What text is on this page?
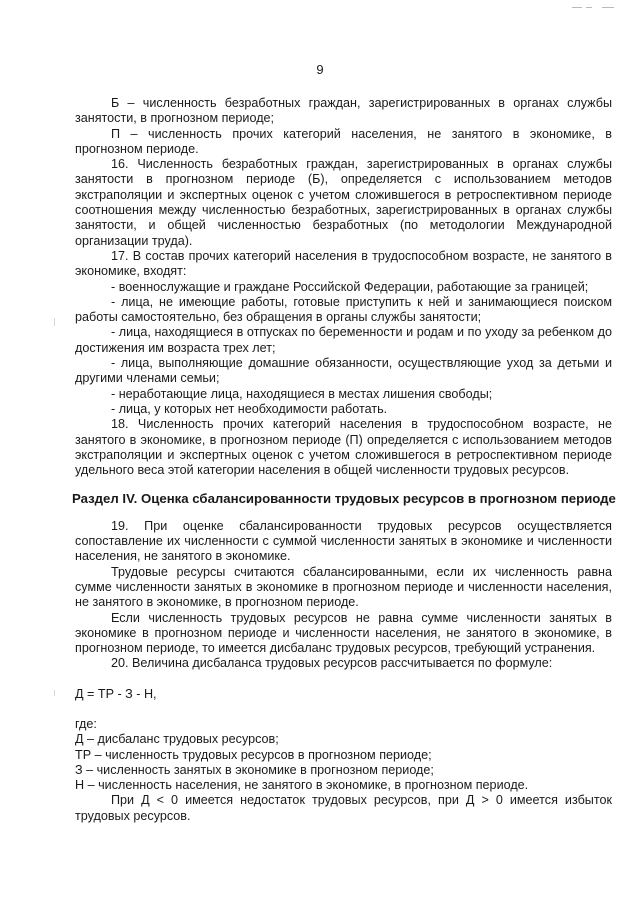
9

Б – численность безработных граждан, зарегистрированных в органах службы занятости, в прогнозном периоде;

П – численность прочих категорий населения, не занятого в экономике, в прогнозном периоде.

16. Численность безработных граждан, зарегистрированных в органах службы занятости в прогнозном периоде (Б), определяется с использованием методов экстраполяции и экспертных оценок с учетом сложившегося в ретроспективном периоде соотношения между численностью безработных, зарегистрированных в органах службы занятости, и общей численностью безработных (по методологии Международной организации труда).

17. В состав прочих категорий населения в трудоспособном возрасте, не занятого в экономике, входят:

- военнослужащие и граждане Российской Федерации, работающие за границей;

- лица, не имеющие работы, готовые приступить к ней и занимающиеся поиском работы самостоятельно, без обращения в органы службы занятости;

- лица, находящиеся в отпусках по беременности и родам и по уходу за ребенком до достижения им возраста трех лет;

- лица, выполняющие домашние обязанности, осуществляющие уход за детьми и другими членами семьи;

- неработающие лица, находящиеся в местах лишения свободы;

- лица, у которых нет необходимости работать.

18. Численность прочих категорий населения в трудоспособном возрасте, не занятого в экономике, в прогнозном периоде (П) определяется с использованием методов экстраполяции и экспертных оценок с учетом сложившегося в ретроспективном периоде удельного веса этой категории населения в общей численности трудовых ресурсов.

Раздел IV. Оценка сбалансированности трудовых ресурсов в прогнозном периоде

19. При оценке сбалансированности трудовых ресурсов осуществляется сопоставление их численности с суммой численности занятых в экономике и численности населения, не занятого в экономике.

Трудовые ресурсы считаются сбалансированными, если их численность равна сумме численности занятых в экономике в прогнозном периоде и численности населения, не занятого в экономике, в прогнозном периоде.

Если численность трудовых ресурсов не равна сумме численности занятых в экономике в прогнозном периоде и численности населения, не занятого в экономике, в прогнозном периоде, то имеется дисбаланс трудовых ресурсов, требующий устранения.

20. Величина дисбаланса трудовых ресурсов рассчитывается по формуле:

Д = ТР - З - Н,

где:

Д – дисбаланс трудовых ресурсов;

ТР – численность трудовых ресурсов в прогнозном периоде;

З – численность занятых в экономике в прогнозном периоде;

Н – численность населения, не занятого в экономике, в прогнозном периоде.

При Д < 0 имеется недостаток трудовых ресурсов, при Д > 0 имеется избыток трудовых ресурсов.
